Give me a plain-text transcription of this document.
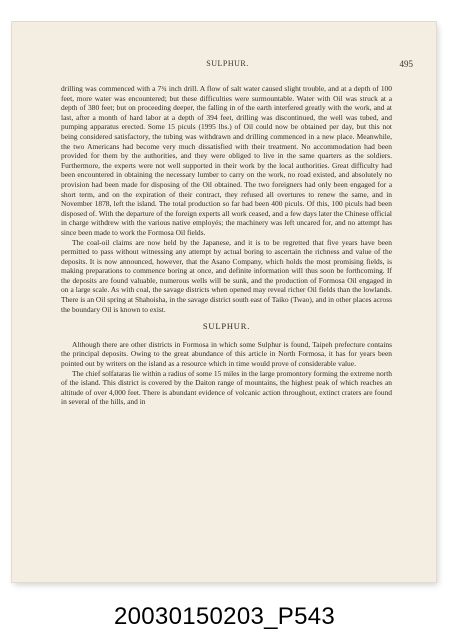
SULPHUR.	495

drilling was commenced with a 7¾ inch drill. A flow of salt water caused slight trouble, and at a depth of 100 feet, more water was encountered; but these difficulties were surmountable. Water with Oil was struck at a depth of 380 feet; but on proceeding deeper, the falling in of the earth interfered greatly with the work, and at last, after a month of hard labor at a depth of 394 feet, drilling was discontinued, the well was tubed, and pumping apparatus erected. Some 15 piculs (1995 lbs.) of Oil could now be obtained per day, but this not being considered satisfactory, the tubing was withdrawn and drilling commenced in a new place. Meanwhile, the two Americans had become very much dissatisfied with their treatment. No accommodation had been provided for them by the authorities, and they were obliged to live in the same quarters as the soldiers. Furthermore, the experts were not well supported in their work by the local authorities. Great difficulty had been encountered in obtaining the necessary lumber to carry on the work, no road existed, and absolutely no provision had been made for disposing of the Oil obtained. The two foreigners had only been engaged for a short term, and on the expiration of their contract, they refused all overtures to renew the same, and in November 1878, left the island. The total production so far had been 400 piculs. Of this, 100 piculs had been disposed of. With the departure of the foreign experts all work ceased, and a few days later the Chinese official in charge withdrew with the various native employés; the machinery was left uncared for, and no attempt has since been made to work the Formosa Oil fields.

The coal-oil claims are now held by the Japanese, and it is to be regretted that five years have been permitted to pass without witnessing any attempt by actual boring to ascertain the richness and value of the deposits. It is now announced, however, that the Asano Company, which holds the most promising fields, is making preparations to commence boring at once, and definite information will thus soon be forthcoming. If the deposits are found valuable, numerous wells will be sunk, and the production of Formosa Oil engaged in on a large scale. As with coal, the savage districts when opened may reveal richer Oil fields than the lowlands. There is an Oil spring at Shahoisha, in the savage district south east of Taiko (Twao), and in other places across the boundary Oil is known to exist.

SULPHUR.

Although there are other districts in Formosa in which some Sulphur is found, Taipeh prefecture contains the principal deposits. Owing to the great abundance of this article in North Formosa, it has for years been pointed out by writers on the island as a resource which in time would prove of considerable value.

The chief solfataras lie within a radius of some 15 miles in the large promontory forming the extreme north of the island. This district is covered by the Daiton range of mountains, the highest peak of which reaches an altitude of over 4,000 feet. There is abundant evidence of volcanic action throughout, extinct craters are found in several of the hills, and in

20030150203_P543
